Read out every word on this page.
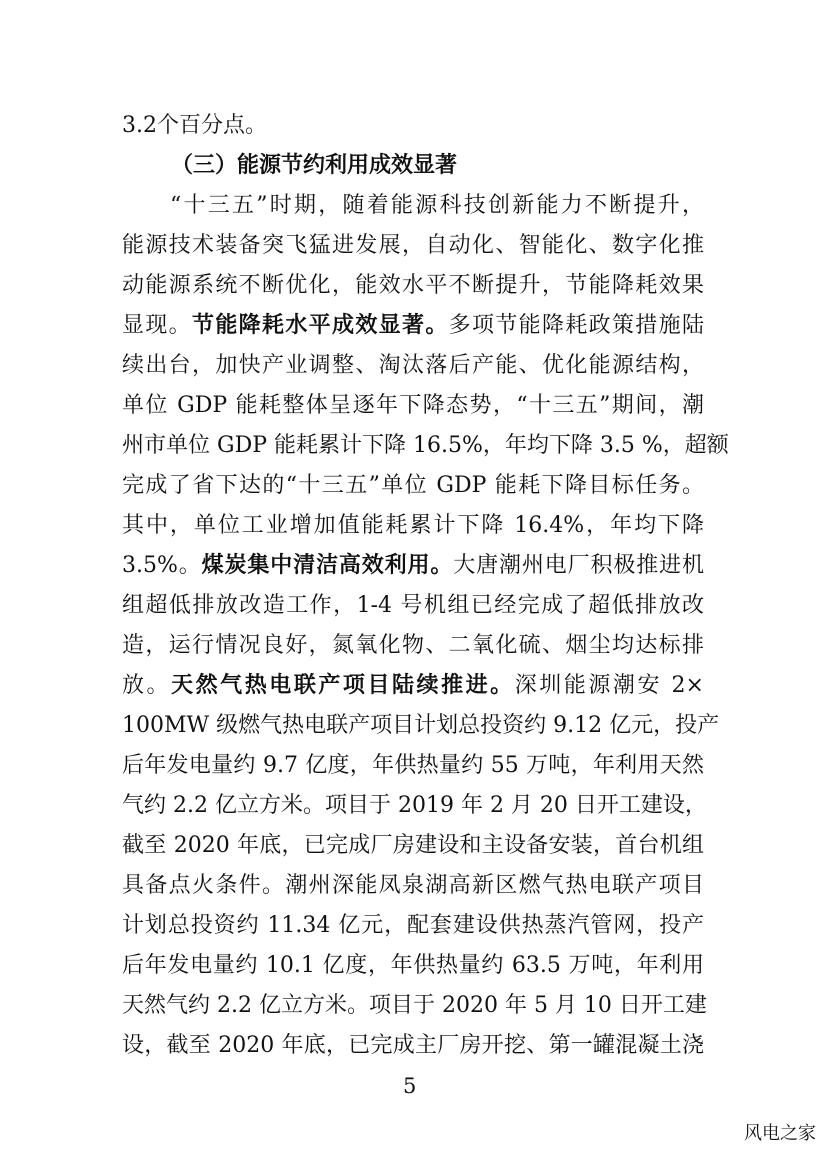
3.2个百分点。
（三）能源节约利用成效显著
“十三五”时期，随着能源科技创新能力不断提升，
能源技术装备突飞猛进发展，自动化、智能化、数字化推
动能源系统不断优化，能效水平不断提升，节能降耗效果
显现。节能降耗水平成效显著。多项节能降耗政策措施陆
续出台，加快产业调整、淘汰落后产能、优化能源结构，
单位 GDP 能耗整体呈逐年下降态势，“十三五”期间，潮
州市单位 GDP 能耗累计下降 16.5%，年均下降 3.5 %，超额
完成了省下达的“十三五”单位 GDP 能耗下降目标任务。
其中，单位工业增加值能耗累计下降 16.4%，年均下降
3.5%。煤炭集中清洁高效利用。大唐潮州电厂积极推进机
组超低排放改造工作，1-4 号机组已经完成了超低排放改
造，运行情况良好，氮氧化物、二氧化硫、烟尘均达标排
放。天然气热电联产项目陆续推进。深圳能源潮安 2×
100MW 级燃气热电联产项目计划总投资约 9.12 亿元，投产
后年发电量约 9.7 亿度，年供热量约 55 万吨，年利用天然
气约 2.2 亿立方米。项目于 2019 年 2 月 20 日开工建设，
截至 2020 年底，已完成厂房建设和主设备安装，首台机组
具备点火条件。潮州深能凤泉湖高新区燃气热电联产项目
计划总投资约 11.34 亿元，配套建设供热蒸汽管网，投产
后年发电量约 10.1 亿度，年供热量约 63.5 万吨，年利用
天然气约 2.2 亿立方米。项目于 2020 年 5 月 10 日开工建
设，截至 2020 年底，已完成主厂房开挖、第一罐混凝土浇
5
风电之家
